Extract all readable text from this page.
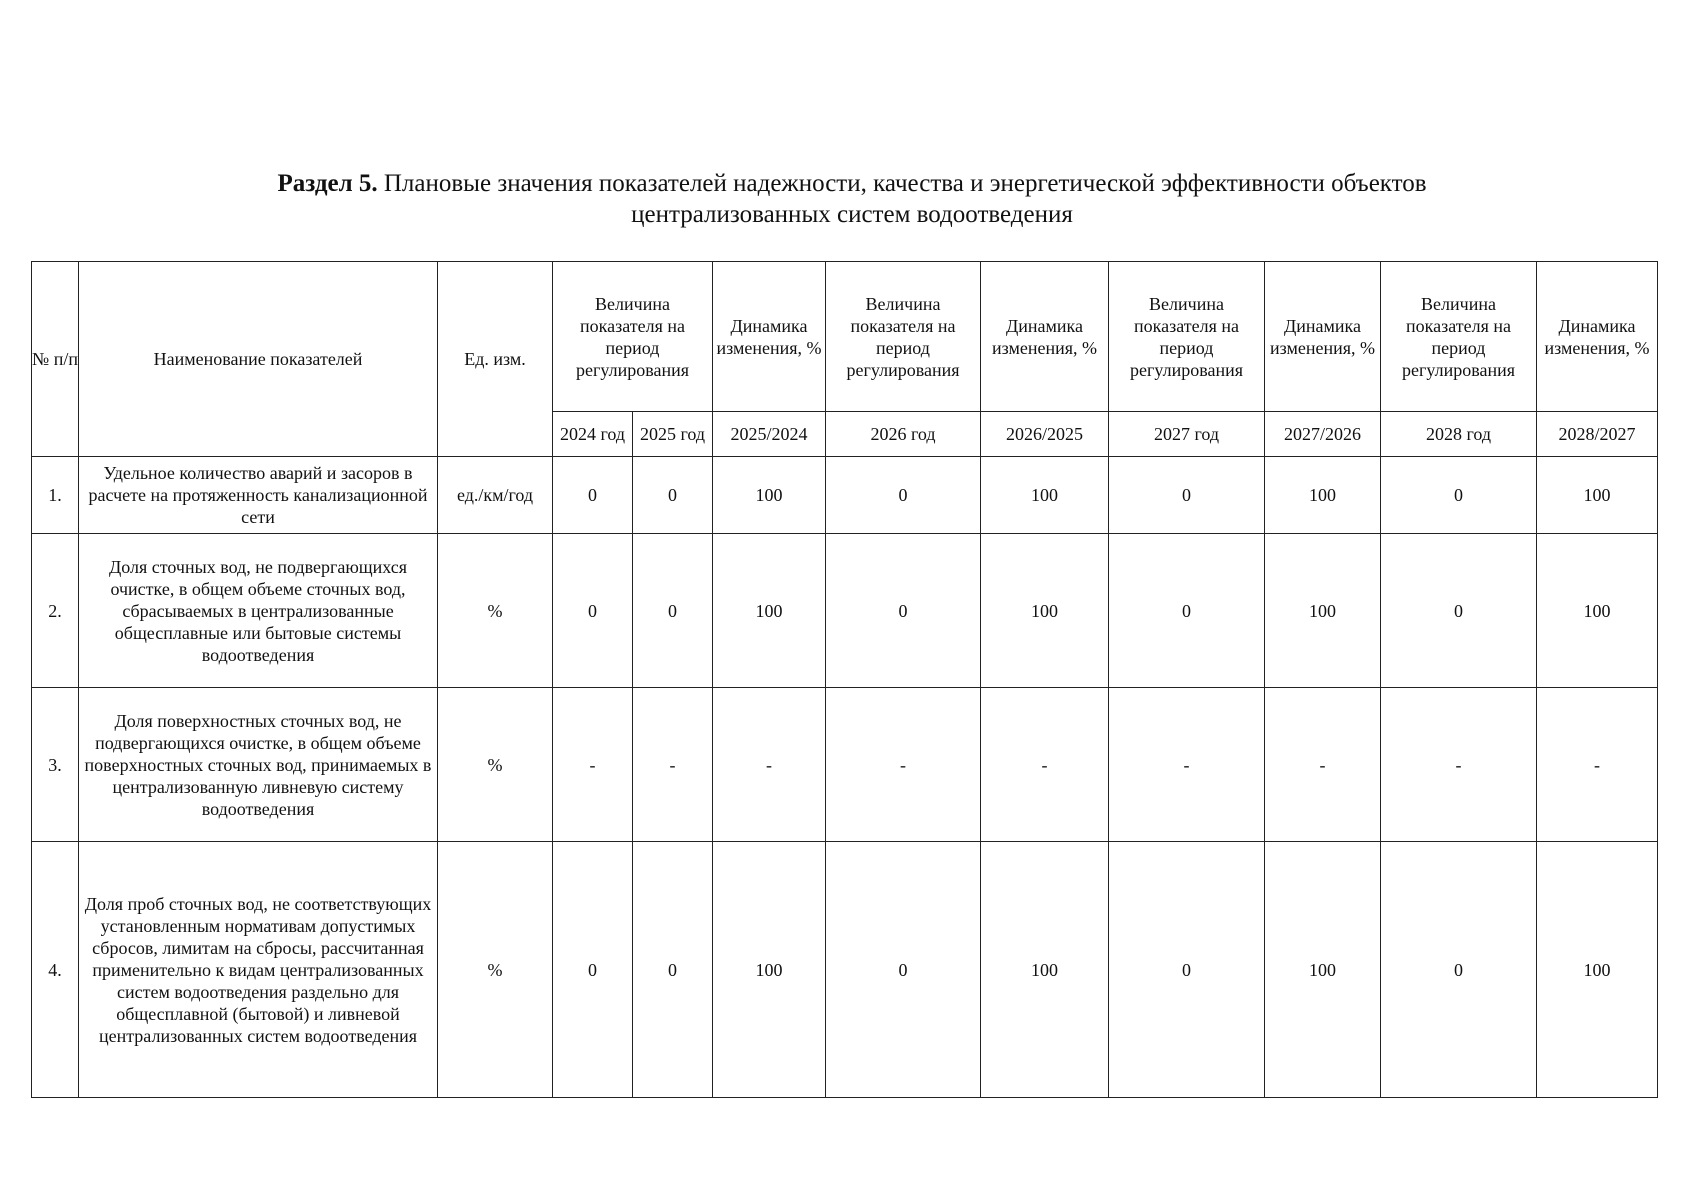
Раздел 5. Плановые значения показателей надежности, качества и энергетической эффективности объектов
централизованных систем водоотведения
№ п/п	Наименование показателей	Ед. изм.	Величина показателя на период регулирования		Динамика изменения, %	Величина показателя на период регулирования	Динамика изменения, %	Величина показателя на период регулирования	Динамика изменения, %	Величина показателя на период регулирования	Динамика изменения, %
			2024 год	2025 год	2025/2024	2026 год	2026/2025	2027 год	2027/2026	2028 год	2028/2027
1.	Удельное количество аварий и засоров в расчете на протяженность канализационной сети	ед./км/год	0	0	100	0	100	0	100	0	100
2.	Доля сточных вод, не подвергающихся очистке, в общем объеме сточных вод, сбрасываемых в централизованные общесплавные или бытовые системы водоотведения	%	0	0	100	0	100	0	100	0	100
3.	Доля поверхностных сточных вод, не подвергающихся очистке, в общем объеме поверхностных сточных вод, принимаемых в централизованную ливневую систему водоотведения	%	-	-	-	-	-	-	-	-	-
4.	Доля проб сточных вод, не соответствующих установленным нормативам допустимых сбросов, лимитам на сбросы, рассчитанная применительно к видам централизованных систем водоотведения раздельно для общесплавной (бытовой) и ливневой централизованных систем водоотведения	%	0	0	100	0	100	0	100	0	100
